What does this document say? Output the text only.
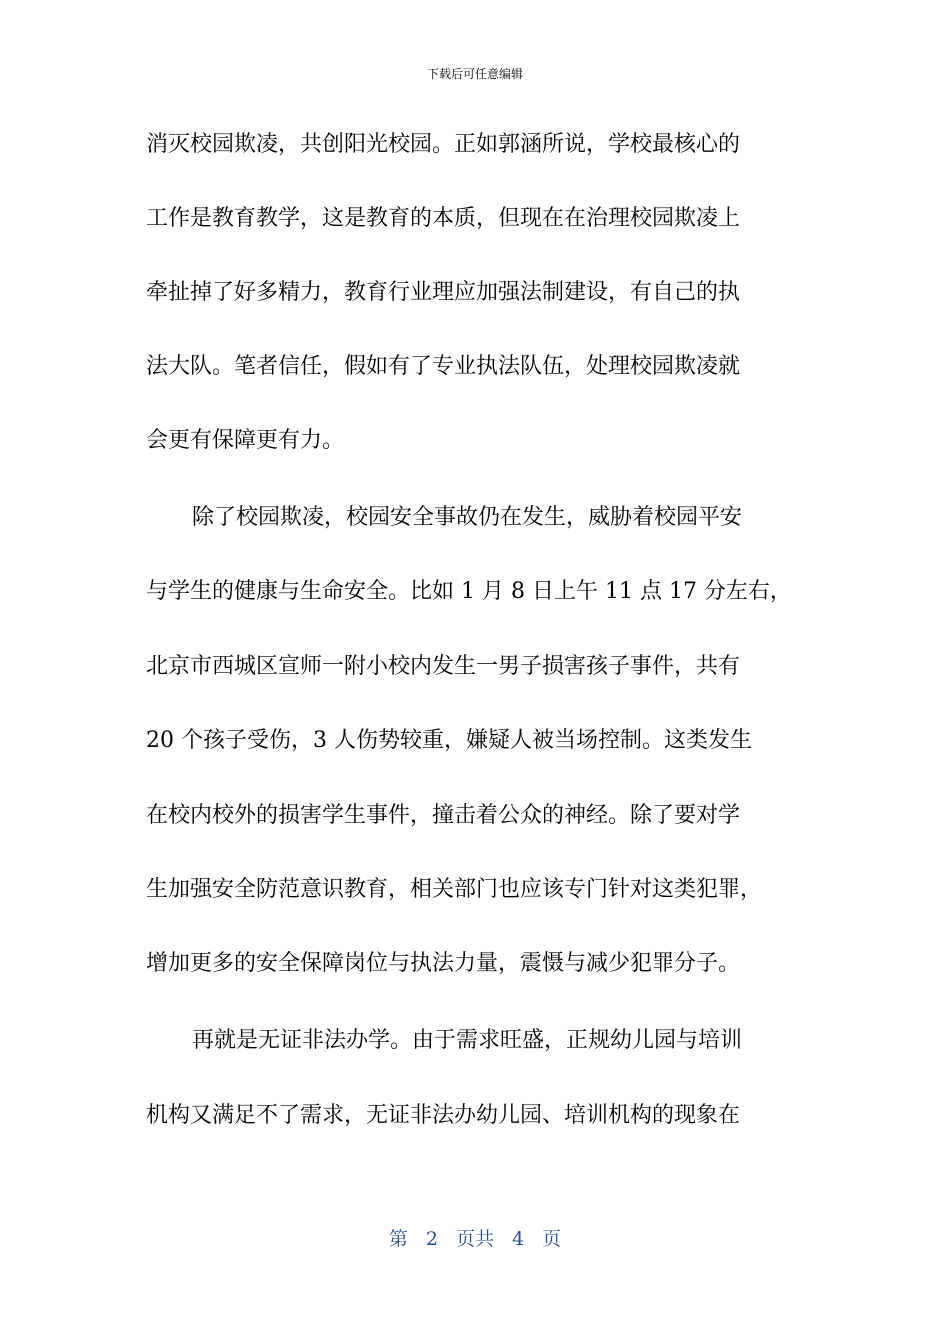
下载后可任意编辑
消灭校园欺凌，共创阳光校园。正如郭涵所说，学校最核心的
工作是教育教学，这是教育的本质，但现在在治理校园欺凌上
牵扯掉了好多精力，教育行业理应加强法制建设，有自己的执
法大队。笔者信任，假如有了专业执法队伍，处理校园欺凌就
会更有保障更有力。
除了校园欺凌，校园安全事故仍在发生，威胁着校园平安
与学生的健康与生命安全。比如 1 月 8 日上午 11 点 17 分左右，
北京市西城区宣师一附小校内发生一男子损害孩子事件，共有
20 个孩子受伤，3 人伤势较重，嫌疑人被当场控制。这类发生
在校内校外的损害学生事件，撞击着公众的神经。除了要对学
生加强安全防范意识教育，相关部门也应该专门针对这类犯罪，
增加更多的安全保障岗位与执法力量，震慑与减少犯罪分子。
再就是无证非法办学。由于需求旺盛，正规幼儿园与培训
机构又满足不了需求，无证非法办幼儿园、培训机构的现象在
第 2 页共 4 页
